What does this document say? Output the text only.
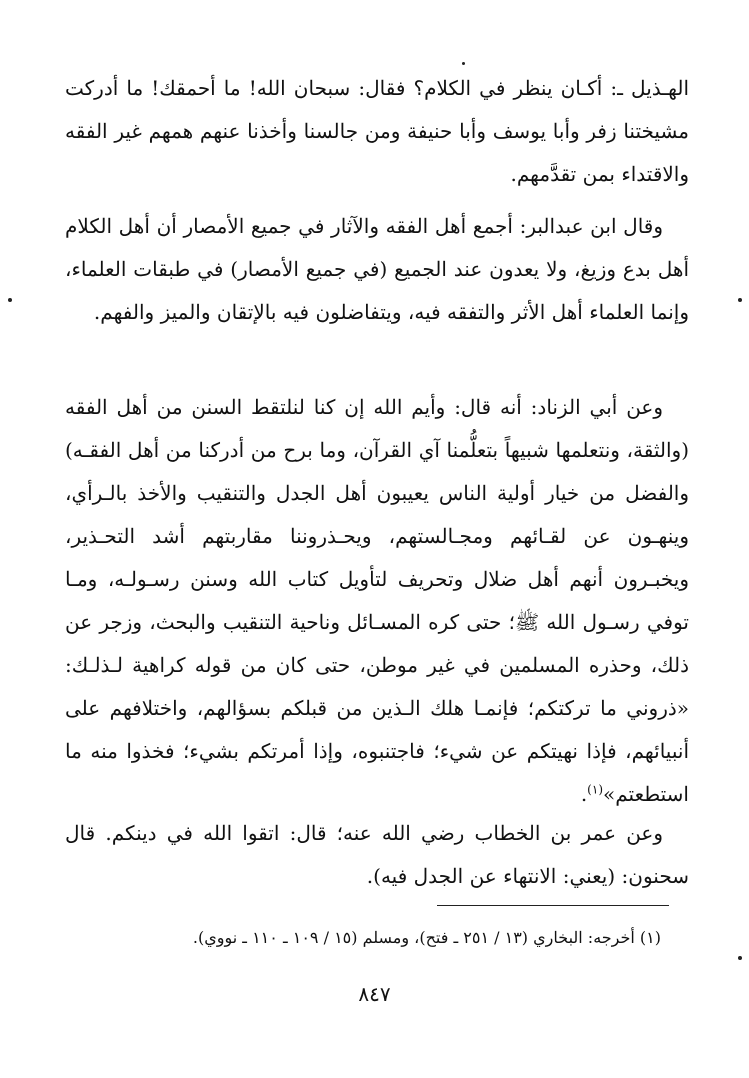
الهـذيل ـ: أكـان ينظر في الكلام؟ فقال: سبحان الله! ما أحمقك! ما أدركت مشيختنا زفر وأبا يوسف وأبا حنيفة ومن جالسنا وأخذنا عنهم همهم غير الفقه والاقتداء بمن تقدَّمهم.
وقال ابن عبدالبر: أجمع أهل الفقه والآثار في جميع الأمصار أن أهل الكلام أهل بدع وزيغ، ولا يعدون عند الجميع (في جميع الأمصار) في طبقات العلماء، وإنما العلماء أهل الأثر والتفقه فيه، ويتفاضلون فيه بالإتقان والميز والفهم.
وعن أبي الزناد: أنه قال: وأيم الله إن كنا لنلتقط السنن من أهل الفقه (والثقة، ونتعلمها شبيهاً بتعلُّمنا آي القرآن، وما برح من أدركنا من أهل الفقـه) والفضل من خيار أولية الناس يعيبون أهل الجدل والتنقيب والأخذ بالـرأي، وينهـون عن لقـائهم ومجـالستهم، ويحـذروننا مقاربتهم أشد التحـذير، ويخبـرون أنهم أهل ضلال وتحريف لتأويل كتاب الله وسنن رسـولـه، ومـا توفي رسـول الله ﷺ؛ حتى كره المسـائل وناحية التنقيب والبحث، وزجر عن ذلك، وحذره المسلمين في غير موطن، حتى كان من قوله كراهية لـذلـك: «ذروني ما تركتكم؛ فإنمـا هلك الـذين من قبلكم بسؤالهم، واختلافهم على أنبيائهم، فإذا نهيتكم عن شيء؛ فاجتنبوه، وإذا أمرتكم بشيء؛ فخذوا منه ما استطعتم»$^{(١)}$.
وعن عمر بن الخطاب رضي الله عنه؛ قال: اتقوا الله في دينكم. قال سحنون: (يعني: الانتهاء عن الجدل فيه).
(١) أخرجه: البخاري (١٣ / ٢٥١ ـ فتح)، ومسلم (١٥ / ١٠٩ ـ ١١٠ ـ نووي).
٨٤٧
